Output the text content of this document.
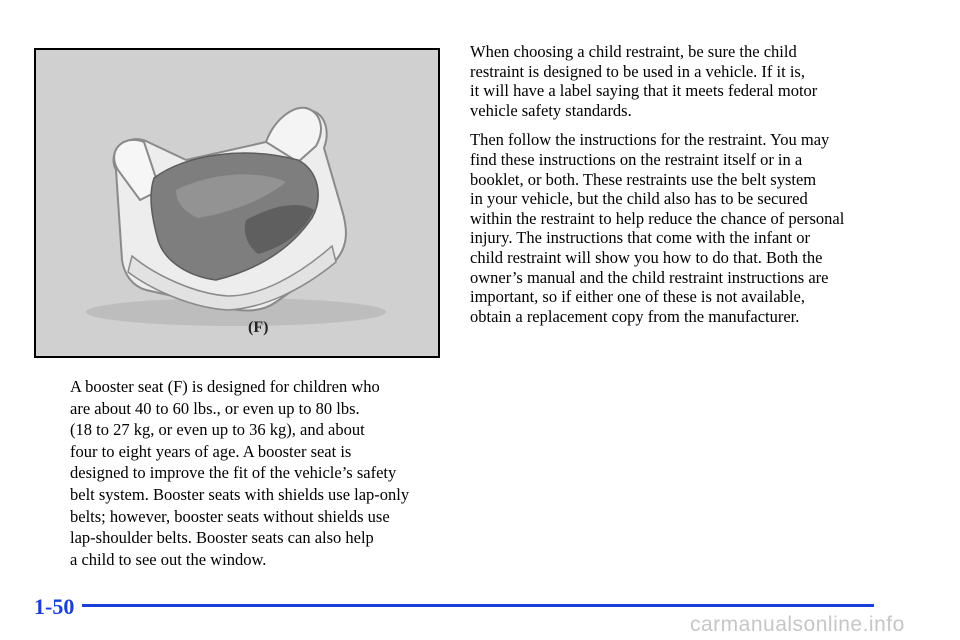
(F)
A booster seat (F) is designed for children who
are about 40 to 60 lbs., or even up to 80 lbs.
(18 to 27 kg, or even up to 36 kg), and about
four to eight years of age. A booster seat is
designed to improve the fit of the vehicle’s safety
belt system. Booster seats with shields use lap-only
belts; however, booster seats without shields use
lap-shoulder belts. Booster seats can also help
a child to see out the window.

When choosing a child restraint, be sure the child
restraint is designed to be used in a vehicle. If it is,
it will have a label saying that it meets federal motor
vehicle safety standards.

Then follow the instructions for the restraint. You may
find these instructions on the restraint itself or in a
booklet, or both. These restraints use the belt system
in your vehicle, but the child also has to be secured
within the restraint to help reduce the chance of personal
injury. The instructions that come with the infant or
child restraint will show you how to do that. Both the
owner’s manual and the child restraint instructions are
important, so if either one of these is not available,
obtain a replacement copy from the manufacturer.

1-50
carmanualsonline.info
